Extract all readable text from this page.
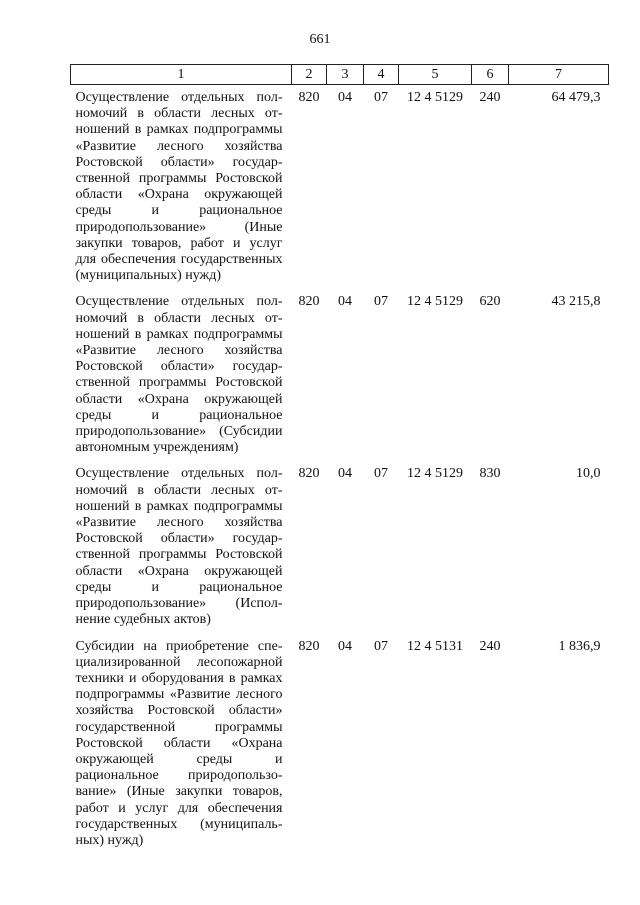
661
1	2	3	4	5	6	7
Осуществление отдельных полномочий в области лесных отношений в рамках подпрограммы «Развитие лесного хозяйства Ростовской области» государственной программы Ростовской области «Охрана окружающей среды и рациональное природопользование» (Иные закупки товаров, работ и услуг для обеспечения государственных (муниципальных) нужд)	820	04	07	12 4 5129	240	64 479,3
Осуществление отдельных полномочий в области лесных отношений в рамках подпрограммы «Развитие лесного хозяйства Ростовской области» государственной программы Ростовской области «Охрана окружающей среды и рациональное природопользование» (Субсидии автономным учреждениям)	820	04	07	12 4 5129	620	43 215,8
Осуществление отдельных полномочий в области лесных отношений в рамках подпрограммы «Развитие лесного хозяйства Ростовской области» государственной программы Ростовской области «Охрана окружающей среды и рациональное природопользование» (Исполнение судебных актов)	820	04	07	12 4 5129	830	10,0
Субсидии на приобретение специализированной лесопожарной техники и оборудования в рамках подпрограммы «Развитие лесного хозяйства Ростовской области» государственной программы Ростовской области «Охрана окружающей среды и рациональное природопользование» (Иные закупки товаров, работ и услуг для обеспечения государственных (муниципальных) нужд)	820	04	07	12 4 5131	240	1 836,9
